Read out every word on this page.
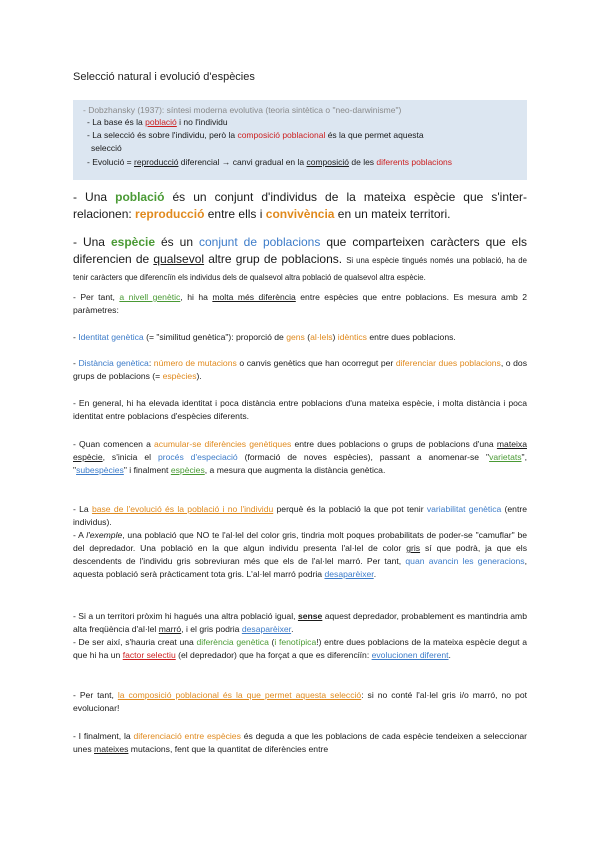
Selecció natural i evolució d'espècies
- Dobzhansky (1937): síntesi moderna evolutiva (teoria sintètica o "neo-darwinisme")
- La base és la població i no l'individu
- La selecció és sobre l'individu, però la composició poblacional és la que permet aquesta
selecció
- Evolució = reproducció diferencial → canvi gradual en la composició de les diferents poblacions

- Una població és un conjunt d'individus de la mateixa espècie que s'inter-relacionen: reproducció entre ells i convivència en un mateix territori.

- Una espècie és un conjunt de poblacions que comparteixen caràcters que els diferencien de qualsevol altre grup de poblacions. Si una espècie tingués només una població, ha de tenir caràcters que diferenciïn els individus dels de qualsevol altra població de qualsevol altra espècie.

- Per tant, a nivell genètic, hi ha molta més diferència entre espècies que entre poblacions. Es mesura amb 2 paràmetres:

- Identitat genètica (= "similitud genètica"): proporció de gens (al·lels) idèntics entre dues poblacions.

- Distància genètica: número de mutacions o canvis genètics que han ocorregut per diferenciar dues poblacions, o dos grups de poblacions (= espècies).

- En general, hi ha elevada identitat i poca distància entre poblacions d'una mateixa espècie, i molta distància i poca identitat entre poblacions d'espècies diferents.

- Quan comencen a acumular-se diferències genètiques entre dues poblacions o grups de poblacions d'una mateixa espècie, s'inicia el procés d'especiació (formació de noves espècies), passant a anomenar-se "varietats", "subespècies" i finalment espècies, a mesura que augmenta la distància genètica.

- La base de l'evolució és la població i no l'individu perquè és la població la que pot tenir variabilitat genètica (entre individus).

- A l'exemple, una població que NO te l'al·lel del color gris, tindria molt poques probabilitats de poder-se "camuflar" be del depredador. Una població en la que algun individu presenta l'al·lel de color gris sí que podrà, ja que els descendents de l'individu gris sobreviuran més que els de l'al·lel marró. Per tant, quan avancin les generacions, aquesta població serà pràcticament tota gris. L'al·lel marró podria desaparèixer.

- Si a un territori pròxim hi hagués una altra població igual, sense aquest depredador, probablement es mantindria amb alta freqüència d'al·lel marró, i el gris podria desaparèixer.

- De ser així, s'hauria creat una diferència genètica (i fenotípica!) entre dues poblacions de la mateixa espècie degut a que hi ha un factor selectiu (el depredador) que ha forçat a que es diferenciïn: evolucionen diferent.

- Per tant, la composició poblacional és la que permet aquesta selecció: si no conté l'al·lel gris i/o marró, no pot evolucionar!

- I finalment, la diferenciació entre espècies és deguda a que les poblacions de cada espècie tendeixen a seleccionar unes mateixes mutacions, fent que la quantitat de diferències entre
